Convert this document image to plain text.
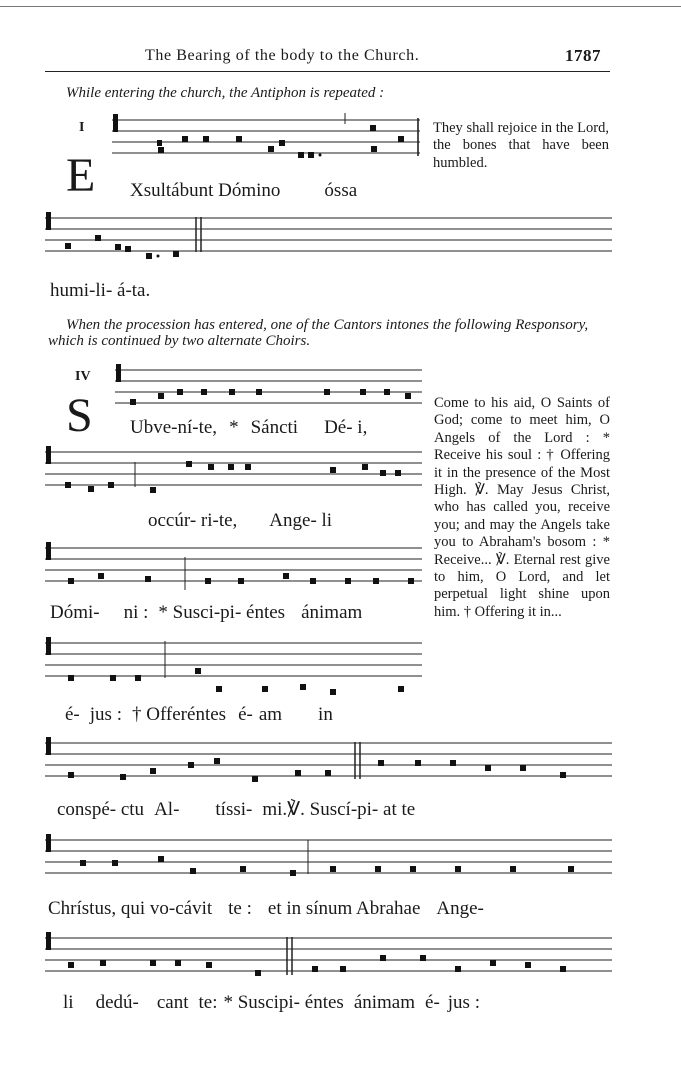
The Bearing of the body to the Church.	1787
While entering the church, the Antiphon is repeated :
I
E Xsultábunt Dómino óssa
They shall rejoice in the Lord, the bones that have been humbled.
humi-li- á-ta.
When the procession has entered, one of the Cantors intones the following Responsory, which is continued by two alternate Choirs.
IV
S	Come to his aid, O Saints of God; come to meet him, O Angels of the Lord : * Receive his soul : † Offering it in the presence of the Most High. ℣. May Jesus Christ, who has called you, receive you; and may the Angels take you to Abraham's bosom : * Receive... ℣. Eternal rest give to him, O Lord, and let perpetual light shine upon him. † Offering it in...
Ubve-ní-te, * Sáncti Dé- i,
occúr- ri-te, Ange- li
Dómi- ni : * Susci-pi- éntes ánimam
é- jus : † Offeréntes é- am in
conspé- ctu Al- tíssi- mi.℣. Suscí-pi- at te
Chrístus, qui vo-cávit te : et in sínum Abrahae Ange-
li dedú- cant te: * Suscipi- éntes ánimam é- jus :
